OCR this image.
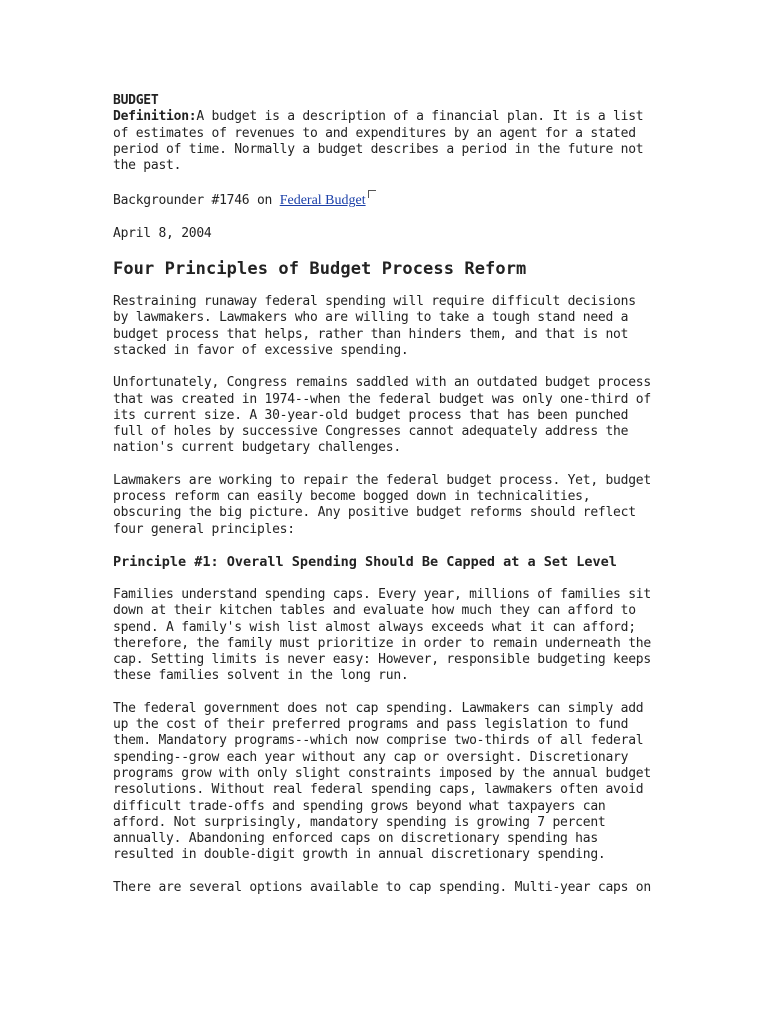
BUDGET

Definition:A budget is a description of a financial plan. It is a list of estimates of revenues to and expenditures by an agent for a stated period of time. Normally a budget describes a period in the future not the past.

Backgrounder #1746 on Federal Budget

April 8, 2004

Four Principles of Budget Process Reform

Restraining runaway federal spending will require difficult decisions by lawmakers. Lawmakers who are willing to take a tough stand need a budget process that helps, rather than hinders them, and that is not stacked in favor of excessive spending.

Unfortunately, Congress remains saddled with an outdated budget process that was created in 1974--when the federal budget was only one-third of its current size. A 30-year-old budget process that has been punched full of holes by successive Congresses cannot adequately address the nation's current budgetary challenges.

Lawmakers are working to repair the federal budget process. Yet, budget process reform can easily become bogged down in technicalities, obscuring the big picture. Any positive budget reforms should reflect four general principles:

Principle #1: Overall Spending Should Be Capped at a Set Level

Families understand spending caps. Every year, millions of families sit down at their kitchen tables and evaluate how much they can afford to spend. A family's wish list almost always exceeds what it can afford; therefore, the family must prioritize in order to remain underneath the cap. Setting limits is never easy: However, responsible budgeting keeps these families solvent in the long run.

The federal government does not cap spending. Lawmakers can simply add up the cost of their preferred programs and pass legislation to fund them. Mandatory programs--which now comprise two-thirds of all federal spending--grow each year without any cap or oversight. Discretionary programs grow with only slight constraints imposed by the annual budget resolutions. Without real federal spending caps, lawmakers often avoid difficult trade-offs and spending grows beyond what taxpayers can afford. Not surprisingly, mandatory spending is growing 7 percent annually. Abandoning enforced caps on discretionary spending has resulted in double-digit growth in annual discretionary spending.

There are several options available to cap spending. Multi-year caps on
